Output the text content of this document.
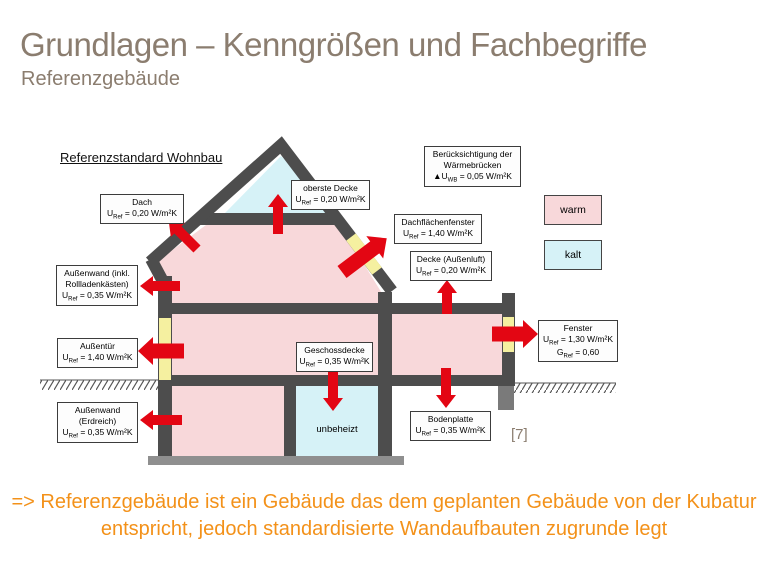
Grundlagen – Kenngrößen und Fachbegriffe
Referenzgebäude
Referenzstandard Wohnbau
Dach
$U_{Ref} = 0,20$ W/m²K
oberste Decke
$U_{Ref} = 0,20$ W/m²K
Berücksichtigung der
Wärmebrücken
$▲U_{WB} = 0,05$ W/m²K
Dachflächenfenster
$U_{Ref} = 1,40$ W/m²K
Decke (Außenluft)
$U_{Ref} = 0,20$ W/m²K
Außenwand (inkl.
Rollladenkästen)
$U_{Ref} = 0,35$ W/m²K
Außentür
$U_{Ref} = 1,40$ W/m²K
Geschossdecke
$U_{Ref} = 0,35$ W/m²K
Fenster
$U_{Ref} = 1,30$ W/m²K
$G_{Ref} = 0,60$
Außenwand
(Erdreich)
$U_{Ref} = 0,35$ W/m²K
Bodenplatte
$U_{Ref} = 0,35$ W/m²K
warm
kalt
unbeheizt	[7]
=> Referenzgebäude ist ein Gebäude das dem geplanten Gebäude von der Kubatur
entspricht, jedoch standardisierte Wandaufbauten zugrunde legt
